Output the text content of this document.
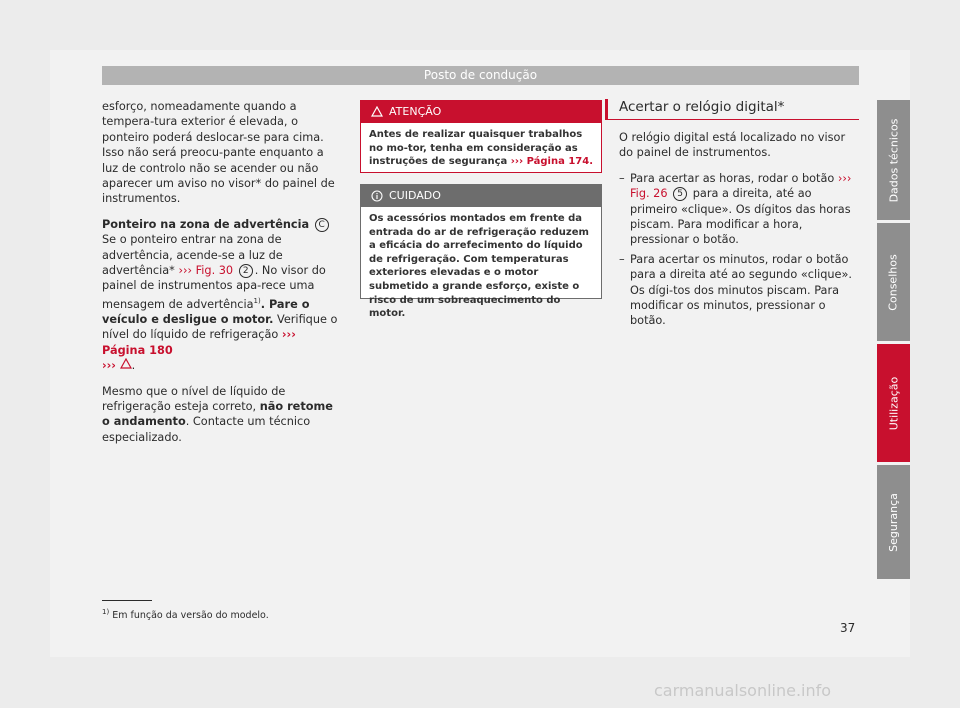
Posto de condução

esforço, nomeadamente quando a tempera-tura exterior é elevada, o ponteiro poderá deslocar-se para cima. Isso não será preocu-pante enquanto a luz de controlo não se acender ou não aparecer um aviso no visor* do painel de instrumentos.

Ponteiro na zona de advertência C
Se o ponteiro entrar na zona de advertência, acende-se a luz de advertência* ››› Fig. 30 2 . No visor do painel de instrumentos apa-rece uma mensagem de advertência$^{1)}$. Pare o veículo e desligue o motor. Verifique o nível do líquido de refrigeração ››› Página 180
››› .

Mesmo que o nível de líquido de refrigeração esteja correto, não retome o andamento. Contacte um técnico especializado.

ATENÇÃO
Antes de realizar quaisquer trabalhos no mo-tor, tenha em consideração as instruções de segurança ››› Página 174.
CUIDADO
Os acessórios montados em frente da entrada do ar de refrigeração reduzem a eficácia do arrefecimento do líquido de refrigeração. Com temperaturas exteriores elevadas e o motor submetido a grande esforço, existe o risco de um sobreaquecimento do motor.
Acertar o relógio digital*

O relógio digital está localizado no visor do painel de instrumentos.

– Para acertar as horas, rodar o botão ››› Fig. 26 5 para a direita, até ao primeiro «clique». Os dígitos das horas piscam. Para modificar a hora, pressionar o botão.
– Para acertar os minutos, rodar o botão para a direita até ao segundo «clique». Os dígi-tos dos minutos piscam. Para modificar os minutos, pressionar o botão.
Dados técnicos
Conselhos
Utilização
Segurança
$^{1)}$ Em função da versão do modelo.
37
carmanualsonline.info
